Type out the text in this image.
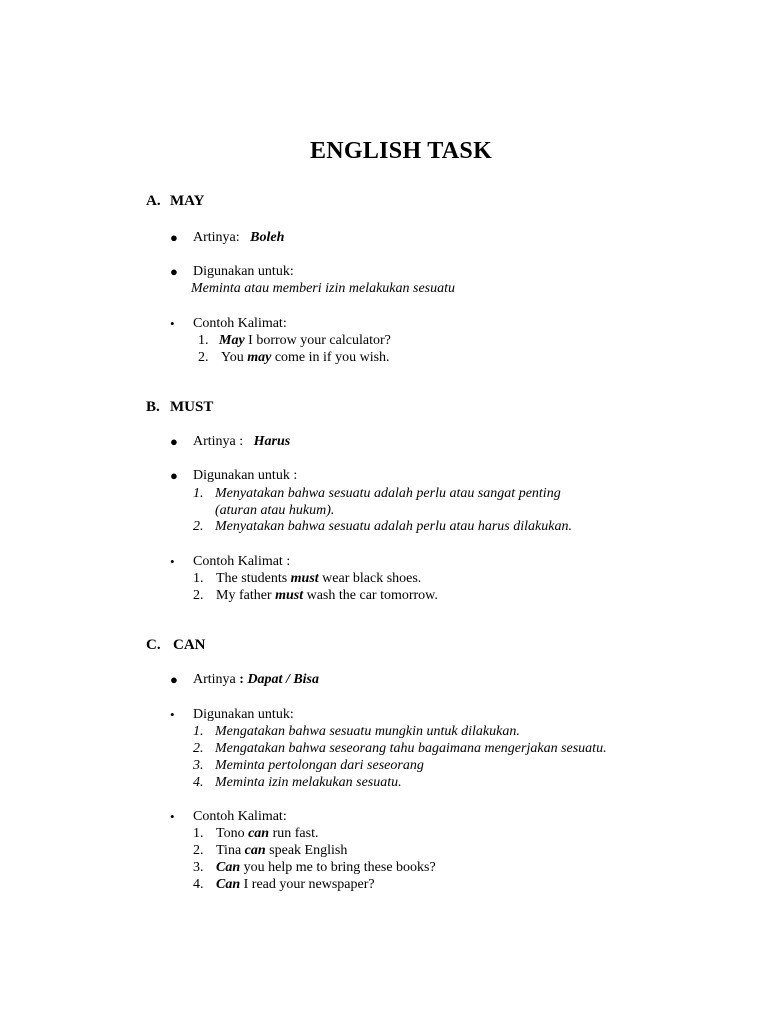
ENGLISH TASK
A. MAY
● Artinya: Boleh
● Digunakan untuk:
Meminta atau memberi izin melakukan sesuatu
• Contoh Kalimat:
1. May I borrow your calculator?
2. You may come in if you wish.
B. MUST
● Artinya : Harus
● Digunakan untuk :
1. Menyatakan bahwa sesuatu adalah perlu atau sangat penting
(aturan atau hukum).
2. Menyatakan bahwa sesuatu adalah perlu atau harus dilakukan.
• Contoh Kalimat :
1. The students must wear black shoes.
2. My father must wash the car tomorrow.
C. CAN
● Artinya : Dapat / Bisa
• Digunakan untuk:
1. Mengatakan bahwa sesuatu mungkin untuk dilakukan.
2. Mengatakan bahwa seseorang tahu bagaimana mengerjakan sesuatu.
3. Meminta pertolongan dari seseorang
4. Meminta izin melakukan sesuatu.
• Contoh Kalimat:
1. Tono can run fast.
2. Tina can speak English
3. Can you help me to bring these books?
4. Can I read your newspaper?
